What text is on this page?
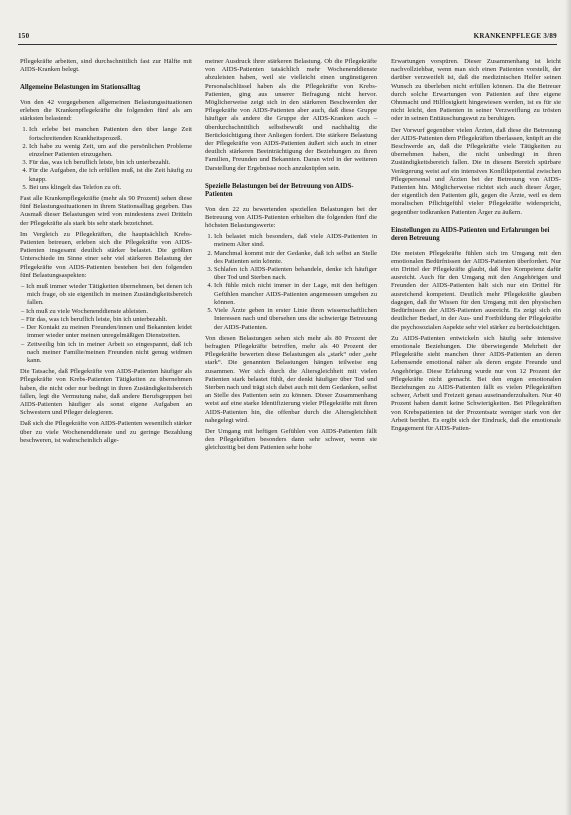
150	KRANKENPFLEGE 3/89

Pflegekräfte arbeiten, sind durchschnittlich fast zur Hälfte mit AIDS-Kranken belegt.

Allgemeine Belastungen im Stationsalltag

Von den 42 vorgegebenen allgemeinen Belastungssituationen erleben die Krankenpflegekräfte die folgenden fünf als am stärksten belastend:

1. Ich erlebe bei manchen Patienten den über lange Zeit fortschreitenden Krankheitsprozeß.
2. Ich habe zu wenig Zeit, um auf die persönlichen Probleme einzelner Patienten einzugehen.
3. Für das, was ich beruflich leiste, bin ich unterbezahlt.
4. Für die Aufgaben, die ich erfüllen muß, ist die Zeit häufig zu knapp.
5. Bei uns klingelt das Telefon zu oft.

Fast alle Krankenpflegekräfte (mehr als 90 Prozent) sehen diese fünf Belastungssituationen in ihrem Stationsalltag gegeben. Das Ausmaß dieser Belastungen wird von mindestens zwei Dritteln der Pflegekräfte als stark bis sehr stark bezeichnet.

Im Vergleich zu Pflegekräften, die hauptsächlich Krebs-Patienten betreuen, erleben sich die Pflegekräfte von AIDS-Patienten insgesamt deutlich stärker belastet. Die größten Unterschiede im Sinne einer sehr viel stärkeren Belastung der Pflegekräfte von AIDS-Patienten bestehen bei den folgenden fünf Belastungsaspekten:

– Ich muß immer wieder Tätigkeiten übernehmen, bei denen ich mich frage, ob sie eigentlich in meinen Zuständigkeitsbereich fallen.
– Ich muß zu viele Wochenenddienste ableisten.
– Für das, was ich beruflich leiste, bin ich unterbezahlt.
– Der Kontakt zu meinen Freunden/innen und Bekannten leidet immer wieder unter meinen unregelmäßigen Dienstzeiten.
– Zeitweilig bin ich in meiner Arbeit so eingespannt, daß ich nach meiner Familie/meinen Freunden nicht genug widmen kann.

Die Tatsache, daß Pflegekräfte von AIDS-Patienten häufiger als Pflegekräfte von Krebs-Patienten Tätigkeiten zu übernehmen haben, die nicht oder nur bedingt in ihren Zuständigkeitsbereich fallen, legt die Vermutung nahe, daß andere Berufsgruppen bei AIDS-Patienten häufiger als sonst eigene Aufgaben an Schwestern und Pfleger delegieren.

Daß sich die Pflegekräfte von AIDS-Patienten wesentlich stärker über zu viele Wochenenddienste und zu geringe Bezahlung beschweren, ist wahrscheinlich allge-

meiner Ausdruck ihrer stärkeren Belastung. Ob die Pflegekräfte von AIDS-Patienten tatsächlich mehr Wochenenddienste abzuleisten haben, weil sie vielleicht einen ungünstigeren Personalschlüssel haben als die Pflegekräfte von Krebs-Patienten, ging aus unserer Befragung nicht hervor. Möglicherweise zeigt sich in den stärkeren Beschwerden der Pflegekräfte von AIDS-Patienten aber auch, daß diese Gruppe häufiger als andere die Gruppe der AIDS-Kranken auch – überdurchschnittlich selbstbewußt und nachhaltig die Berücksichtigung ihrer Anliegen fordert. Die stärkere Belastung der Pflegekräfte von AIDS-Patienten äußert sich auch in einer deutlich stärkeren Beeinträchtigung der Beziehungen zu ihren Familien, Freunden und Bekannten. Daran wird in der weiteren Darstellung der Ergebnisse noch anzuknüpfen sein.

Spezielle Belastungen bei der Betreuung von AIDS-Patienten

Von den 22 zu bewertenden speziellen Belastungen bei der Betreuung von AIDS-Patienten erhielten die folgenden fünf die höchsten Belastungswerte:

1. Ich belastet mich besonders, daß viele AIDS-Patienten in meinem Alter sind.
2. Manchmal kommt mir der Gedanke, daß ich selbst an Stelle des Patienten sein könnte.
3. Schlafen ich AIDS-Patienten behandele, denke ich häufiger über Tod und Sterben nach.
4. Ich fühle mich nicht immer in der Lage, mit den heftigen Gefühlen mancher AIDS-Patienten angemessen umgehen zu können.
5. Viele Ärzte geben in erster Linie ihren wissenschaftlichen Interessen nach und übersehen uns die schwierige Betreuung der AIDS-Patienten.

Von diesen Belastungen sehen sich mehr als 80 Prozent der befragten Pflegekräfte betroffen, mehr als 40 Prozent der Pflegekräfte bewerten diese Belastungen als „stark“ oder „sehr stark“. Die genannten Belastungen hängen teilweise eng zusammen. Wer sich durch die Altersgleichheit mit vielen Patienten stark belastet fühlt, der denkt häufiger über Tod und Sterben nach und trägt sich dabei auch mit dem Gedanken, selbst an Stelle des Patienten sein zu können. Dieser Zusammenhang weist auf eine starke Identifizierung vieler Pflegekräfte mit ihren AIDS-Patienten hin, die offenbar durch die Altersgleichheit nahegelegt wird.

Der Umgang mit heftigen Gefühlen von AIDS-Patienten fällt den Pflegekräften besonders dann sehr schwer, wenn sie gleichzeitig bei dem Patienten sehr hohe

Erwartungen vorspüren. Dieser Zusammenhang ist leicht nachvollziehbar, wenn man sich einen Patienten vorstellt, der darüber verzweifelt ist, daß die medizinischen Helfer seinen Wunsch zu überleben nicht erfüllen können. Da die Betreuer durch solche Erwartungen von Patienten auf ihre eigene Ohnmacht und Hilflosigkeit hingewiesen werden, ist es für sie nicht leicht, den Patienten in seiner Verzweiflung zu trösten oder in seinen Enttäuschungswut zu beruhigen.

Der Vorwurf gegenüber vielen Ärzten, daß diese die Betreuung der AIDS-Patienten dem Pflegekräften überlassen, knüpft an die Beschwerde an, daß die Pflegekräfte viele Tätigkeiten zu übernehmen haben, die nicht unbedingt in ihren Zuständigkeitsbereich fallen. Die in diesem Bereich spürbare Verärgerung weist auf ein intensives Konfliktpotential zwischen Pflegepersonal und Ärzten bei der Betreuung von AIDS-Patienten hin. Möglicherweise richtet sich auch dieser Ärger, der eigentlich den Patienten gilt, gegen die Ärzte, weil es dem moralischen Pflichtgefühl vieler Pflegekräfte widerspricht, gegenüber todkranken Patienten Ärger zu äußern.

Einstellungen zu AIDS-Patienten und Erfahrungen bei deren Betreuung

Die meisten Pflegekräfte fühlen sich im Umgang mit den emotionalen Bedürfnissen der AIDS-Patienten überfordert. Nur ein Drittel der Pflegekräfte glaubt, daß ihre Kompetenz dafür ausreicht. Auch für den Umgang mit den Angehörigen und Freunden der AIDS-Patienten hält sich nur ein Drittel für ausreichend kompetent. Deutlich mehr Pflegekräfte glauben dagegen, daß ihr Wissen für den Umgang mit den physischen Bedürfnissen der AIDS-Patienten ausreicht. Es zeigt sich ein deutlicher Bedarf, in der Aus- und Fortbildung der Pflegekräfte die psychosozialen Aspekte sehr viel stärker zu berücksichtigen.

Zu AIDS-Patienten entwickeln sich häufig sehr intensive emotionale Beziehungen. Die überwiegende Mehrheit der Pflegekräfte sieht manchen ihrer AIDS-Patienten an deren Lebensende emotional näher als deren engste Freunde und Angehörige. Diese Erfahrung wurde nur von 12 Prozent der Pflegekräfte nicht gemacht. Bei den engen emotionalen Beziehungen zu AIDS-Patienten fällt es vielen Pflegekräften schwer, Arbeit und Freizeit genau auseinanderzuhalten. Nur 40 Prozent haben damit keine Schwierigkeiten. Bei Pflegekräften von Krebspatienten ist der Prozentsatz weniger stark von der Arbeit berührt. Es ergibt sich der Eindruck, daß die emotionale Engagement für AIDS-Patien-
